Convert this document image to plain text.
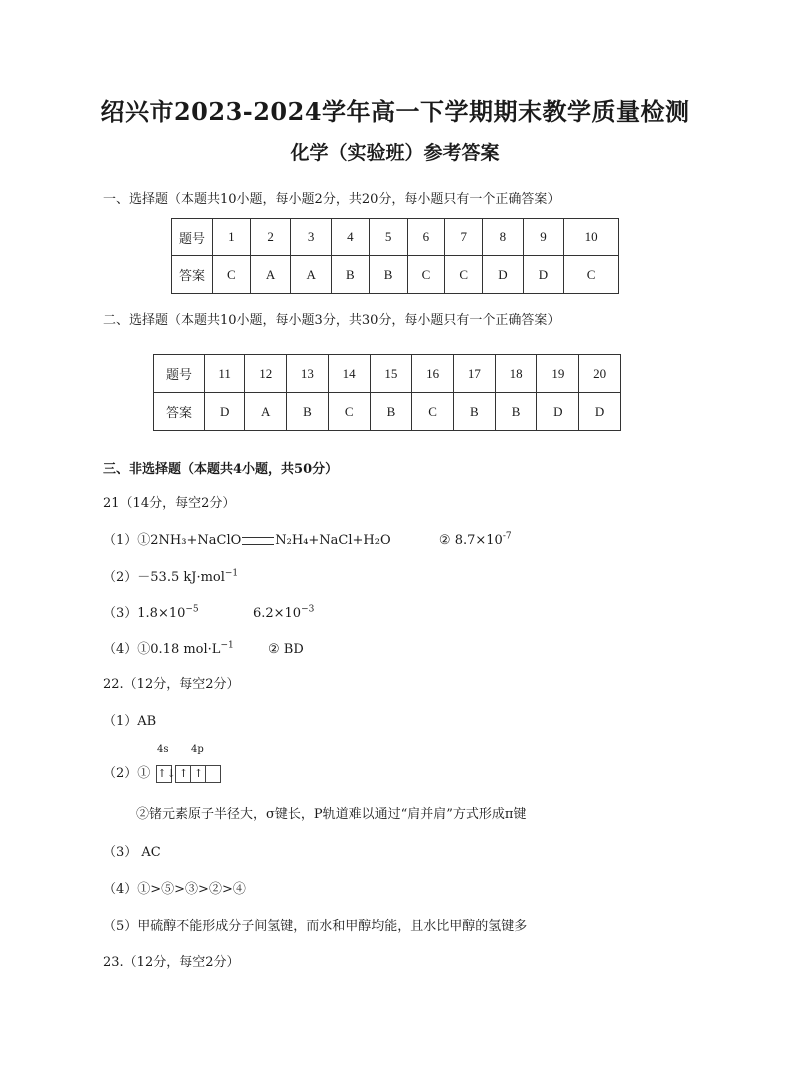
绍兴市2023-2024学年高一下学期期末教学质量检测
化学（实验班）参考答案
一、选择题（本题共10小题，每小题2分，共20分，每小题只有一个正确答案）
题号	1	2	3	4	5	6	7	8	9	10
答案	C	A	A	B	B	C	C	D	D	C
二、选择题（本题共10小题，每小题3分，共30分，每小题只有一个正确答案）
题号	11	12	13	14	15	16	17	18	19	20
答案	D	A	B	C	B	C	B	B	D	D
三、非选择题（本题共4小题，共50分）
21（14分，每空2分）
（1）①2NH₃+NaClO	N₂H₄+NaCl+H₂O	② $8.7\times 10^{-7}$
（2）－53.5 kJ·mol$^{-1}$
$(3)1.8\times 10^{-5}$	$6.2\times 10^{-3}$
（4）①0.18 $mol\cdot L^{-1}$	② BD
22.（12分，每空2分）
（1）AB
4s 4p
（2）① ↑↓ ↑ ↑
②锗元素原子半径大，σ键长，P轨道难以通过“肩并肩”方式形成π键
（3） AC
（4）①>⑤>③>②>④
（5）甲硫醇不能形成分子间氢键，而水和甲醇均能，且水比甲醇的氢键多
23.（12分，每空2分）
